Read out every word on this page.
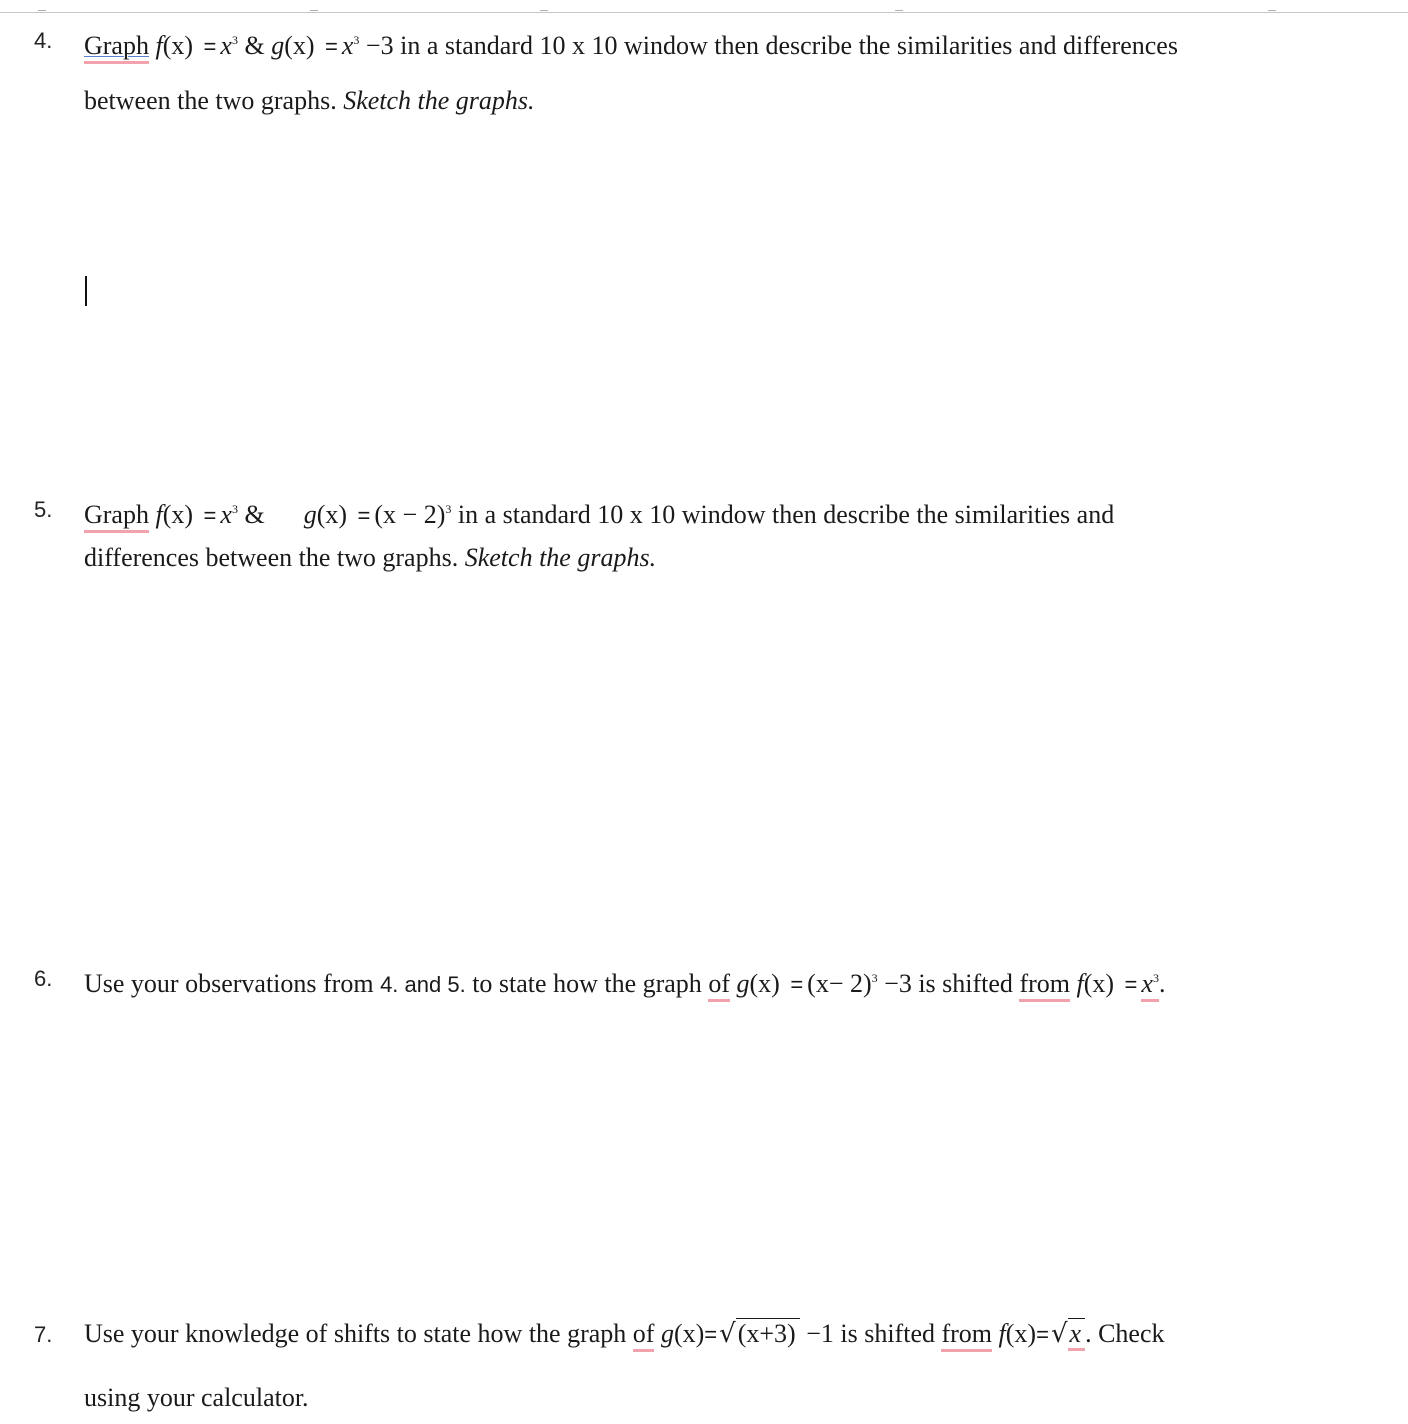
4. Graph $f(x) = x^3$ & $g(x) = x^3 -3$ in a standard 10 x 10 window then describe the similarities and differences
between the two graphs. Sketch the graphs.
5. Graph $f(x) = x^3$ & $g(x) = (x - 2)^3$ in a standard 10 x 10 window then describe the similarities and
differences between the two graphs. Sketch the graphs.
6. Use your observations from 4. and 5. to state how the graph of $g(x) = (x- 2)^3 -3$ is shifted from $f(x) = x^3$.
7. Use your knowledge of shifts to state how the graph of g(x)=√(x+3) −1 is shifted from f(x)=√x . Check
using your calculator.
